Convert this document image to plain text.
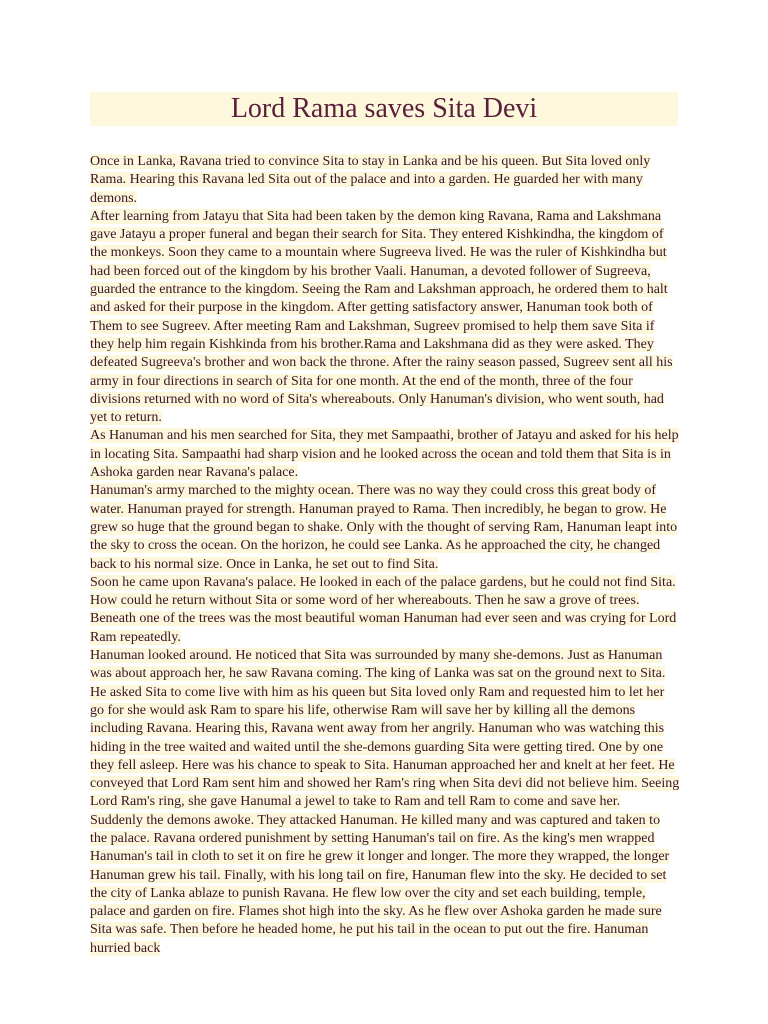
Lord Rama saves Sita Devi

Once in Lanka, Ravana tried to convince Sita to stay in Lanka and be his queen. But Sita loved only Rama. Hearing this Ravana led Sita out of the palace and into a garden. He guarded her with many demons.

After learning from Jatayu that Sita had been taken by the demon king Ravana, Rama and Lakshmana gave Jatayu a proper funeral and began their search for Sita. They entered Kishkindha, the kingdom of the monkeys. Soon they came to a mountain where Sugreeva lived. He was the ruler of Kishkindha but had been forced out of the kingdom by his brother Vaali. Hanuman, a devoted follower of Sugreeva, guarded the entrance to the kingdom. Seeing the Ram and Lakshman approach, he ordered them to halt and asked for their purpose in the kingdom. After getting satisfactory answer, Hanuman took both of Them to see Sugreev. After meeting Ram and Lakshman, Sugreev promised to help them save Sita if they help him regain Kishkinda from his brother.Rama and Lakshmana did as they were asked. They defeated Sugreeva's brother and won back the throne. After the rainy season passed, Sugreev sent all his army in four directions in search of Sita for one month. At the end of the month, three of the four divisions returned with no word of Sita's whereabouts. Only Hanuman's division, who went south, had yet to return.

As Hanuman and his men searched for Sita, they met Sampaathi, brother of Jatayu and asked for his help in locating Sita. Sampaathi had sharp vision and he looked across the ocean and told them that Sita is in Ashoka garden near Ravana's palace.

Hanuman's army marched to the mighty ocean. There was no way they could cross this great body of water. Hanuman prayed for strength. Hanuman prayed to Rama. Then incredibly, he began to grow. He grew so huge that the ground began to shake. Only with the thought of serving Ram, Hanuman leapt into the sky to cross the ocean. On the horizon, he could see Lanka. As he approached the city, he changed back to his normal size. Once in Lanka, he set out to find Sita.

Soon he came upon Ravana's palace. He looked in each of the palace gardens, but he could not find Sita. How could he return without Sita or some word of her whereabouts. Then he saw a grove of trees. Beneath one of the trees was the most beautiful woman Hanuman had ever seen and was crying for Lord Ram repeatedly.

Hanuman looked around. He noticed that Sita was surrounded by many she-demons. Just as Hanuman was about approach her, he saw Ravana coming. The king of Lanka was sat on the ground next to Sita. He asked Sita to come live with him as his queen but Sita loved only Ram and requested him to let her go for she would ask Ram to spare his life, otherwise Ram will save her by killing all the demons including Ravana. Hearing this, Ravana went away from her angrily. Hanuman who was watching this hiding in the tree waited and waited until the she-demons guarding Sita were getting tired. One by one they fell asleep. Here was his chance to speak to Sita. Hanuman approached her and knelt at her feet. He conveyed that Lord Ram sent him and showed her Ram's ring when Sita devi did not believe him. Seeing Lord Ram's ring, she gave Hanumal a jewel to take to Ram and tell Ram to come and save her.

Suddenly the demons awoke. They attacked Hanuman. He killed many and was captured and taken to the palace. Ravana ordered punishment by setting Hanuman's tail on fire. As the king's men wrapped Hanuman's tail in cloth to set it on fire he grew it longer and longer. The more they wrapped, the longer Hanuman grew his tail. Finally, with his long tail on fire, Hanuman flew into the sky. He decided to set the city of Lanka ablaze to punish Ravana. He flew low over the city and set each building, temple, palace and garden on fire. Flames shot high into the sky. As he flew over Ashoka garden he made sure Sita was safe. Then before he headed home, he put his tail in the ocean to put out the fire. Hanuman hurried back
